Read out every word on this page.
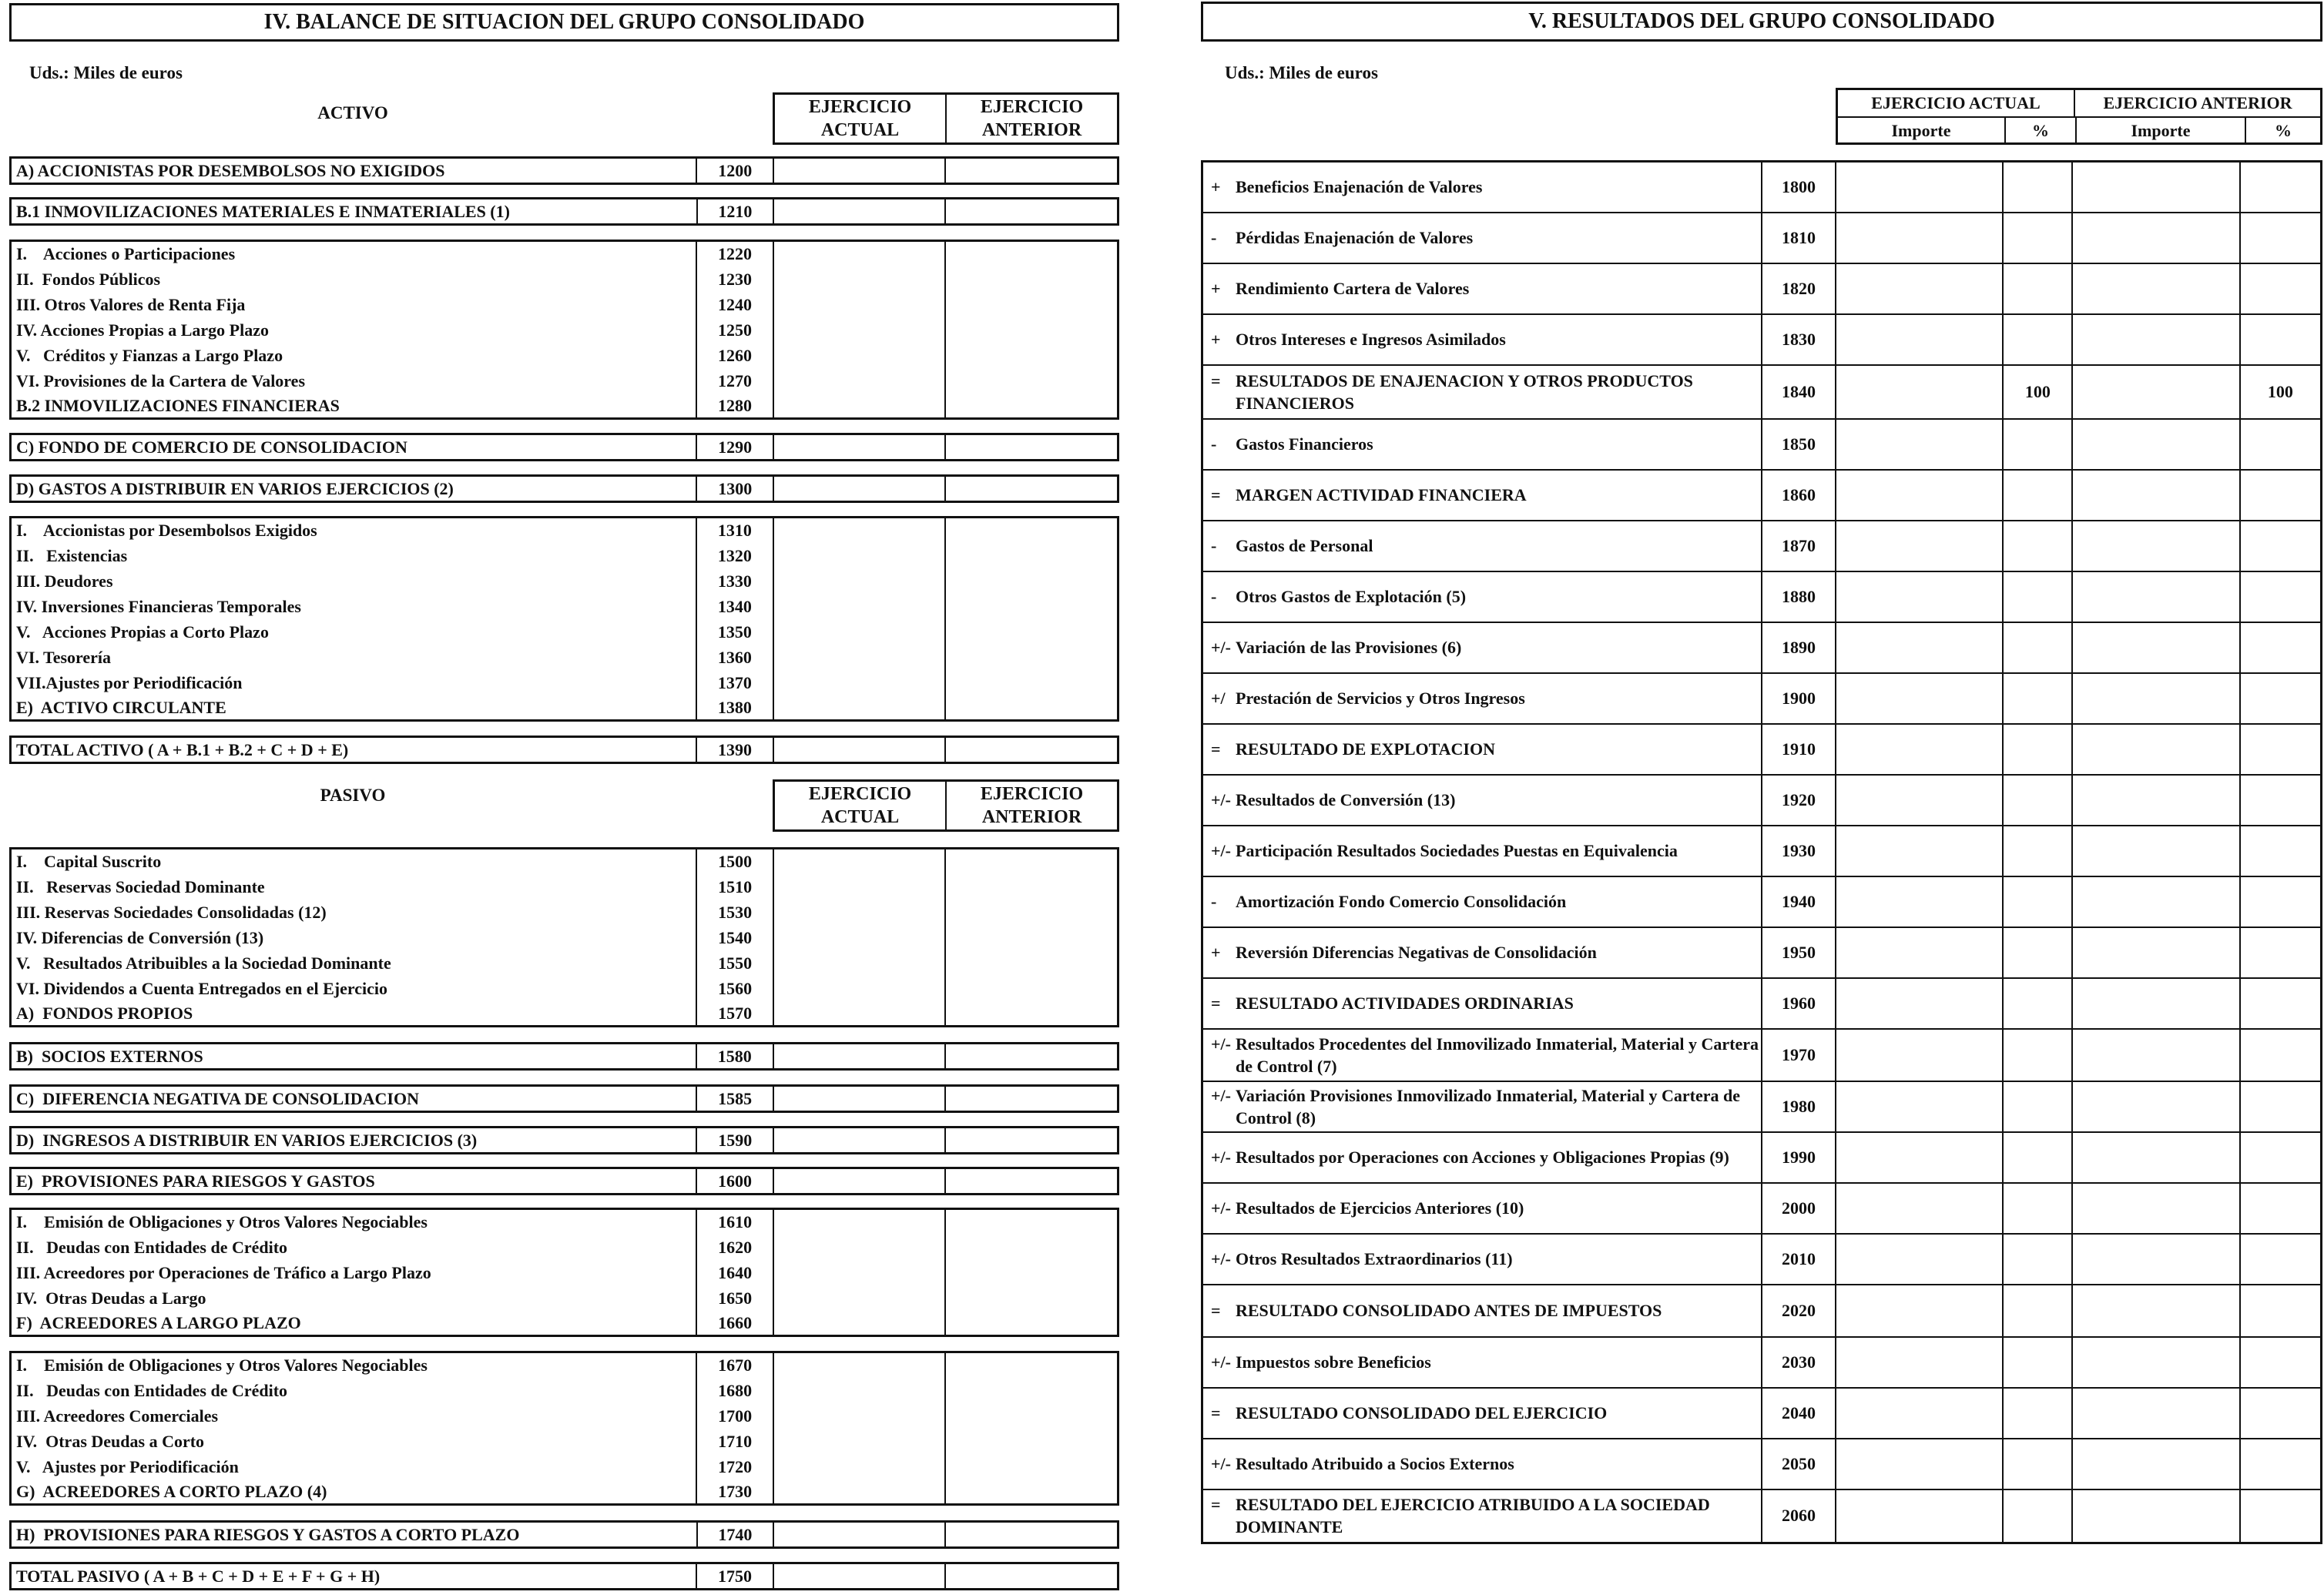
IV. BALANCE DE SITUACION DEL GRUPO CONSOLIDADO
Uds.: Miles de euros
ACTIVO	EJERCICIO ACTUAL
EJERCICIO ANTERIOR
A) ACCIONISTAS POR DESEMBOLSOS NO EXIGIDOS	1200		
B.1 INMOVILIZACIONES MATERIALES E INMATERIALES (1)	1210		
I.    Acciones o Participaciones	1220		
II.  Fondos Públicos	1230		
III. Otros Valores de Renta Fija	1240		
IV. Acciones Propias a Largo Plazo	1250		
V.   Créditos y Fianzas a Largo Plazo	1260		
VI. Provisiones de la Cartera de Valores	1270		
B.2 INMOVILIZACIONES FINANCIERAS	1280		
C) FONDO DE COMERCIO DE CONSOLIDACION	1290		
D) GASTOS A DISTRIBUIR EN VARIOS EJERCICIOS (2)	1300		
I.    Accionistas por Desembolsos Exigidos	1310		
II.   Existencias	1320		
III. Deudores	1330		
IV. Inversiones Financieras Temporales	1340		
V.   Acciones Propias a Corto Plazo	1350		
VI. Tesorería	1360		
VII.Ajustes por Periodificación	1370		
E)  ACTIVO CIRCULANTE	1380		
TOTAL ACTIVO ( A + B.1 + B.2 + C + D + E)	1390		
PASIVO	EJERCICIO ACTUAL
EJERCICIO ANTERIOR
I.    Capital Suscrito	1500		
II.   Reservas Sociedad Dominante	1510		
III. Reservas Sociedades Consolidadas (12)	1530		
IV. Diferencias de Conversión (13)	1540		
V.   Resultados Atribuibles a la Sociedad Dominante	1550		
VI. Dividendos a Cuenta Entregados en el Ejercicio	1560		
A)  FONDOS PROPIOS	1570		
B)  SOCIOS EXTERNOS	1580		
C)  DIFERENCIA NEGATIVA DE CONSOLIDACION	1585		
D)  INGRESOS A DISTRIBUIR EN VARIOS EJERCICIOS (3)	1590		
E)  PROVISIONES PARA RIESGOS Y GASTOS	1600		
I.    Emisión de Obligaciones y Otros Valores Negociables	1610		
II.   Deudas con Entidades de Crédito	1620		
III. Acreedores por Operaciones de Tráfico a Largo Plazo	1640		
IV.  Otras Deudas a Largo	1650		
F)  ACREEDORES A LARGO PLAZO	1660		
I.    Emisión de Obligaciones y Otros Valores Negociables	1670		
II.   Deudas con Entidades de Crédito	1680		
III. Acreedores Comerciales	1700		
IV.  Otras Deudas a Corto	1710		
V.   Ajustes por Periodificación	1720		
G)  ACREEDORES A CORTO PLAZO (4)	1730		
H)  PROVISIONES PARA RIESGOS Y GASTOS A CORTO PLAZO	1740		
TOTAL PASIVO ( A + B + C + D + E + F + G + H)	1750		
V. RESULTADOS DEL GRUPO CONSOLIDADO
Uds.: Miles de euros
EJERCICIO ACTUAL	EJERCICIO ANTERIOR
Importe	%	Importe	%
+ Beneficios Enajenación de Valores	1800				

- Pérdidas Enajenación de Valores	1810				

+ Rendimiento Cartera de Valores	1820				

+ Otros Intereses e Ingresos Asimilados	1830				

= RESULTADOS DE ENAJENACION Y OTROS PRODUCTOS FINANCIEROS	1840		100		100

- Gastos Financieros	1850				

= MARGEN ACTIVIDAD FINANCIERA	1860				

- Gastos de Personal	1870				

- Otros Gastos de Explotación (5)	1880				

+/- Variación de las Provisiones (6)	1890				

+/ Prestación de Servicios y Otros Ingresos	1900				

= RESULTADO DE EXPLOTACION	1910				

+/- Resultados de Conversión (13)	1920				

+/- Participación Resultados Sociedades Puestas en Equivalencia	1930				

- Amortización Fondo Comercio Consolidación	1940				

+ Reversión Diferencias Negativas de Consolidación	1950				

= RESULTADO ACTIVIDADES ORDINARIAS	1960				

+/- Resultados Procedentes del Inmovilizado Inmaterial, Material y Cartera de Control (7)	1970				

+/- Variación Provisiones Inmovilizado Inmaterial, Material y Cartera de Control (8)	1980				

+/- Resultados por Operaciones con Acciones y Obligaciones Propias (9)	1990				

+/- Resultados de Ejercicios Anteriores (10)	2000				

+/- Otros Resultados Extraordinarios (11)	2010				

= RESULTADO CONSOLIDADO ANTES DE IMPUESTOS	2020				

+/- Impuestos sobre Beneficios	2030				

= RESULTADO CONSOLIDADO DEL EJERCICIO	2040				

+/- Resultado Atribuido a Socios Externos	2050				

= RESULTADO DEL EJERCICIO ATRIBUIDO A LA SOCIEDAD DOMINANTE	2060				
